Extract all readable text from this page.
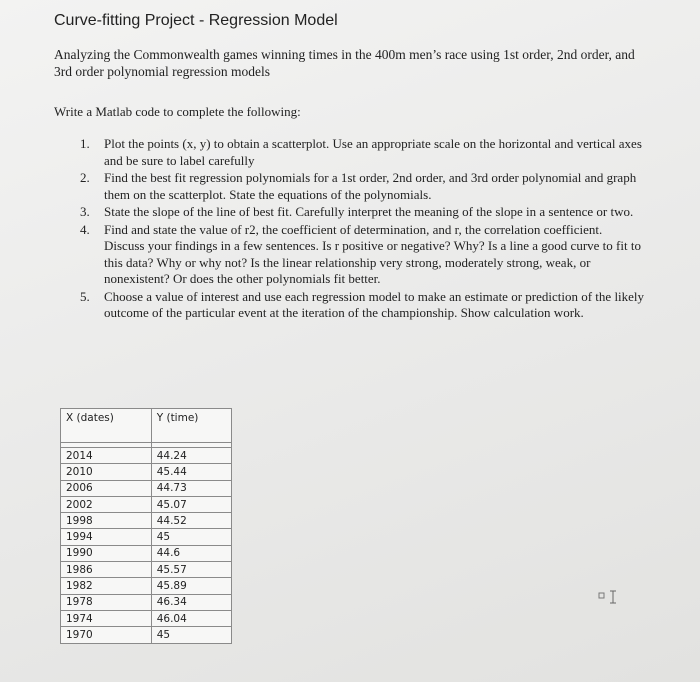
Curve-fitting Project - Regression Model
Analyzing the Commonwealth games winning times in the 400m men’s race using 1st order, 2nd order, and 3rd order polynomial regression models
Write a Matlab code to complete the following:
1.	Plot the points (x, y) to obtain a scatterplot. Use an appropriate scale on the horizontal and vertical axes and be sure to label carefully
2.	Find the best fit regression polynomials for a 1st order, 2nd order, and 3rd order polynomial and graph them on the scatterplot. State the equations of the polynomials.
3.	State the slope of the line of best fit. Carefully interpret the meaning of the slope in a sentence or two.
4.	Find and state the value of r2, the coefficient of determination, and r, the correlation coefficient. Discuss your findings in a few sentences. Is r positive or negative? Why? Is a line a good curve to fit to this data? Why or why not? Is the linear relationship very strong, moderately strong, weak, or nonexistent? Or does the other polynomials fit better.
5.	Choose a value of interest and use each regression model to make an estimate or prediction of the likely outcome of the particular event at the iteration of the championship. Show calculation work.
X (dates)	Y (time)

2014	44.24
2010	45.44
2006	44.73
2002	45.07
1998	44.52
1994	45
1990	44.6
1986	45.57
1982	45.89
1978	46.34
1974	46.04
1970	45
